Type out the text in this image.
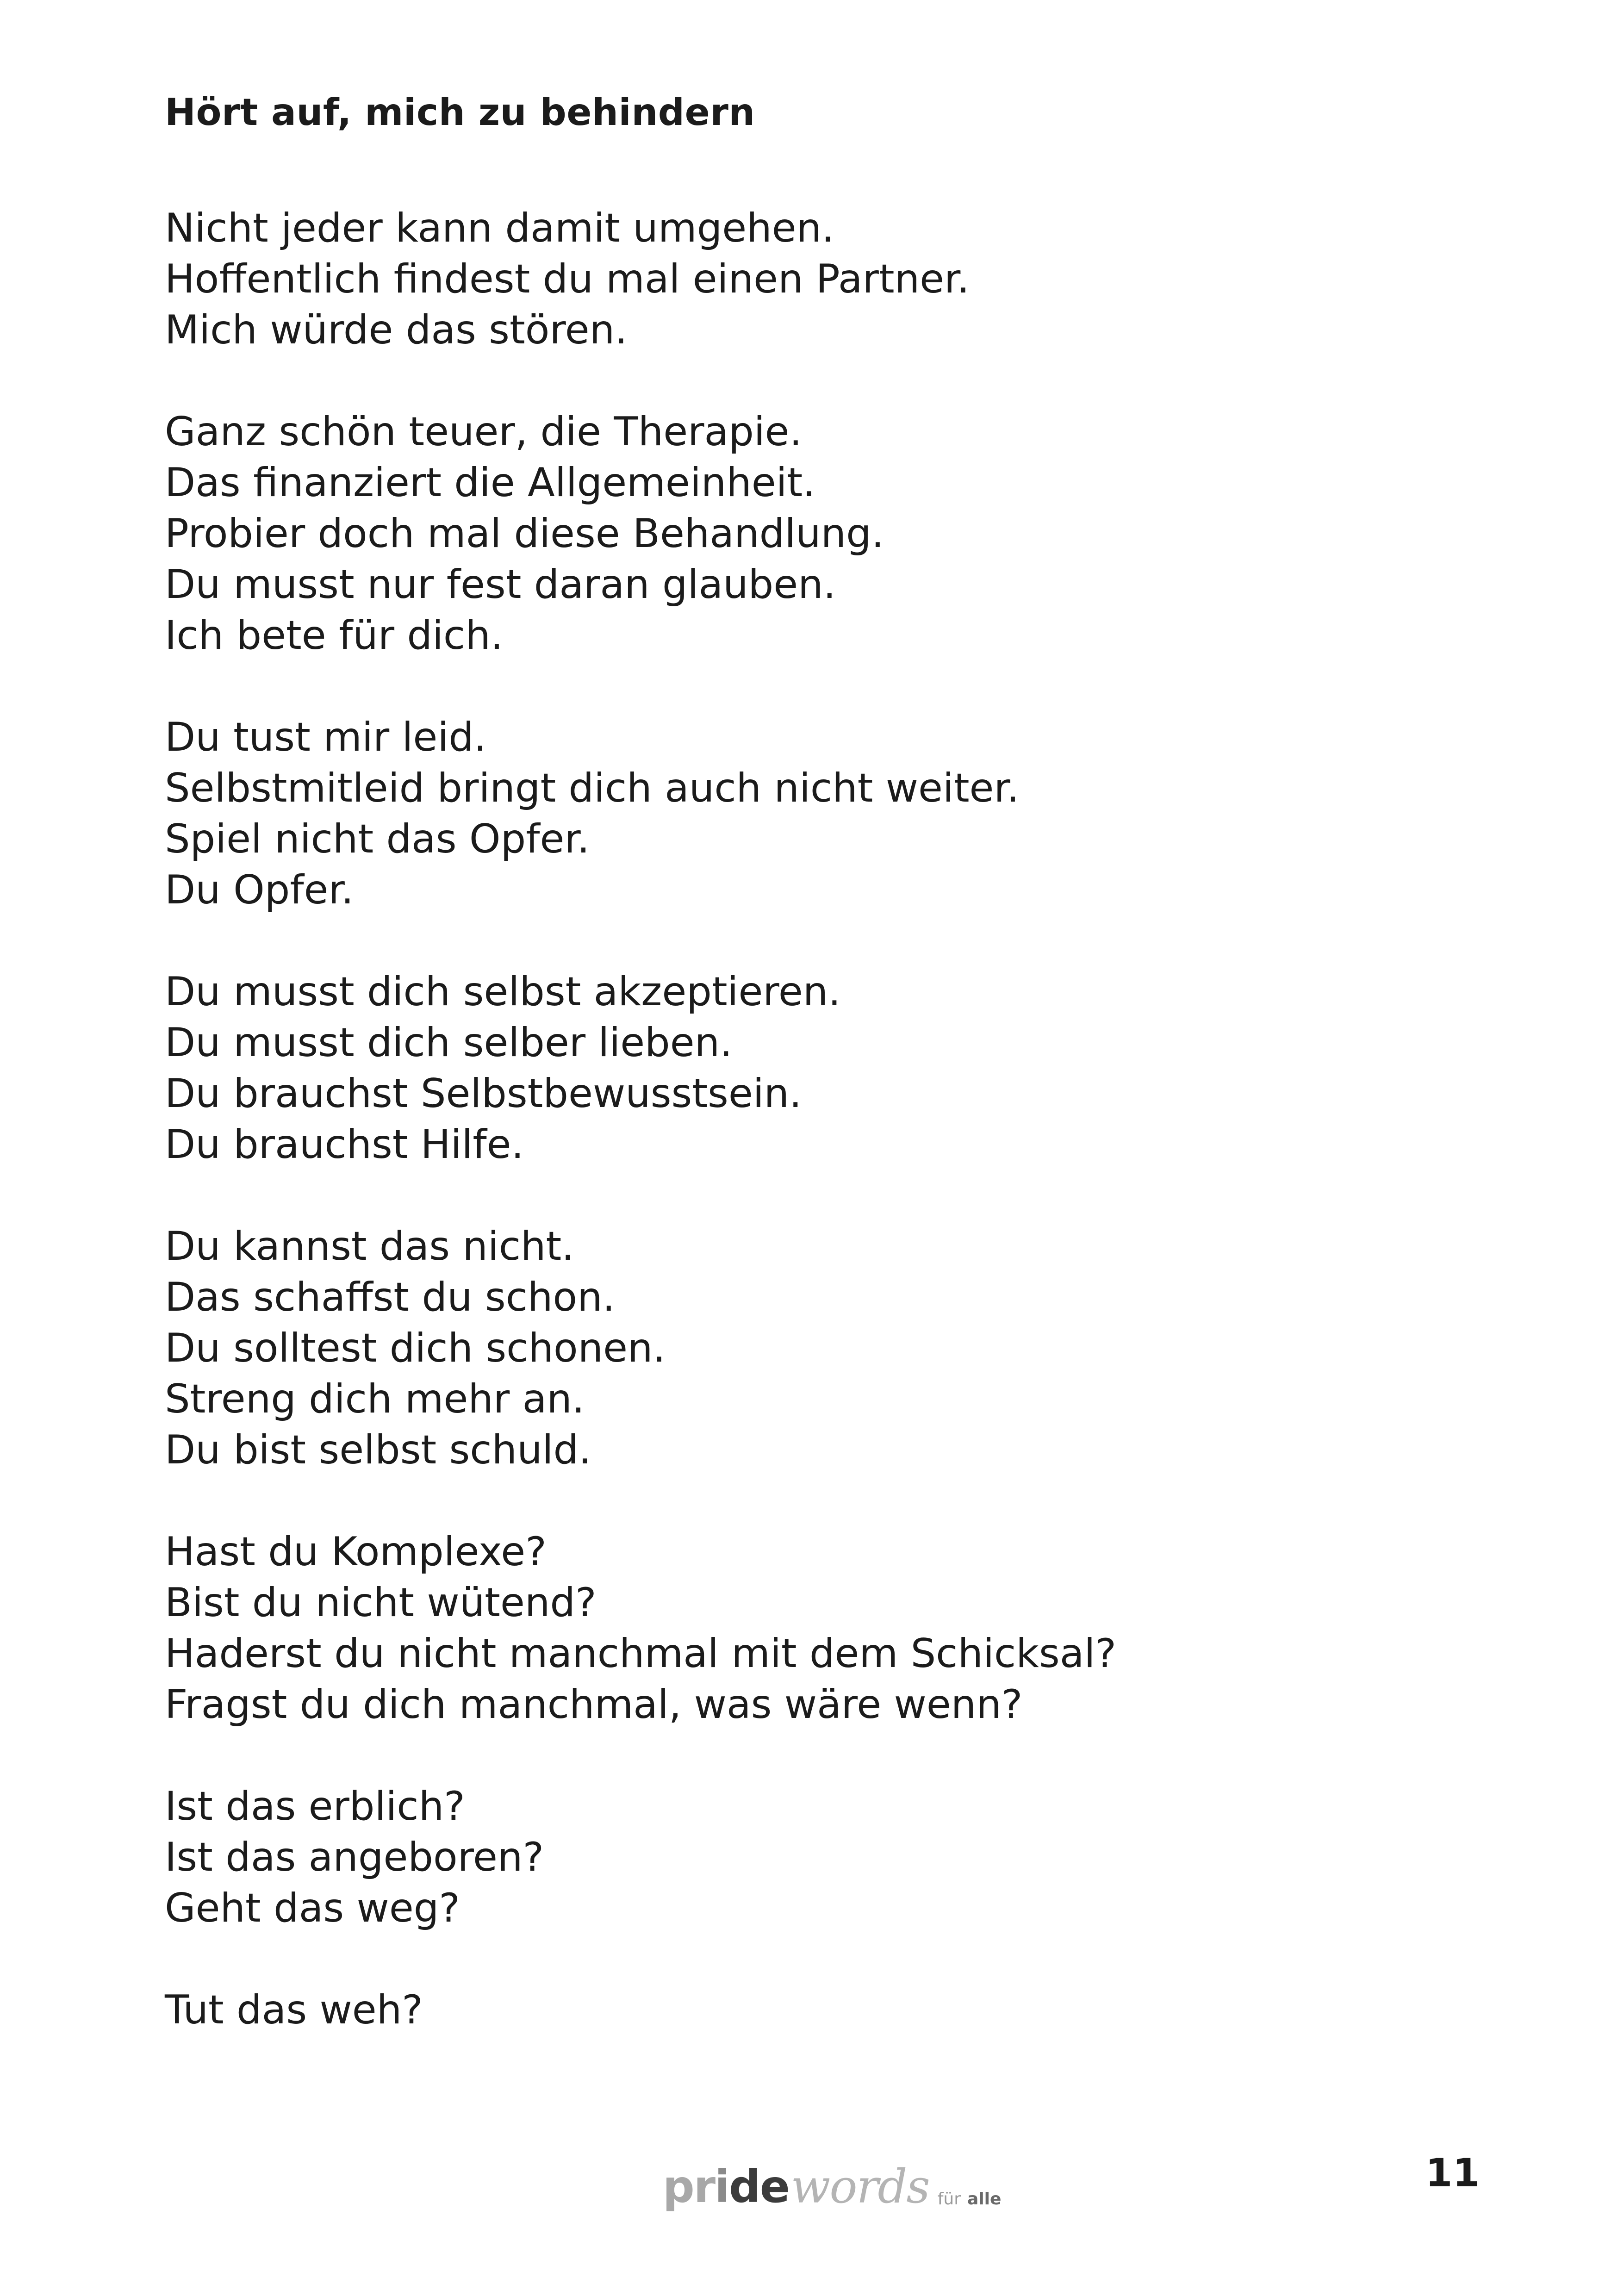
Hört auf, mich zu behindern
Nicht jeder kann damit umgehen.
Hoffentlich findest du mal einen Partner.
Mich würde das stören.
Ganz schön teuer, die Therapie.
Das finanziert die Allgemeinheit.
Probier doch mal diese Behandlung.
Du musst nur fest daran glauben.
Ich bete für dich.
Du tust mir leid.
Selbstmitleid bringt dich auch nicht weiter.
Spiel nicht das Opfer.
Du Opfer.
Du musst dich selbst akzeptieren.
Du musst dich selber lieben.
Du brauchst Selbstbewusstsein.
Du brauchst Hilfe.
Du kannst das nicht.
Das schaffst du schon.
Du solltest dich schonen.
Streng dich mehr an.
Du bist selbst schuld.
Hast du Komplexe?
Bist du nicht wütend?
Haderst du nicht manchmal mit dem Schicksal?
Fragst du dich manchmal, was wäre wenn?
Ist das erblich?
Ist das angeboren?
Geht das weg?
Tut das weh?
pride words für alle
11
